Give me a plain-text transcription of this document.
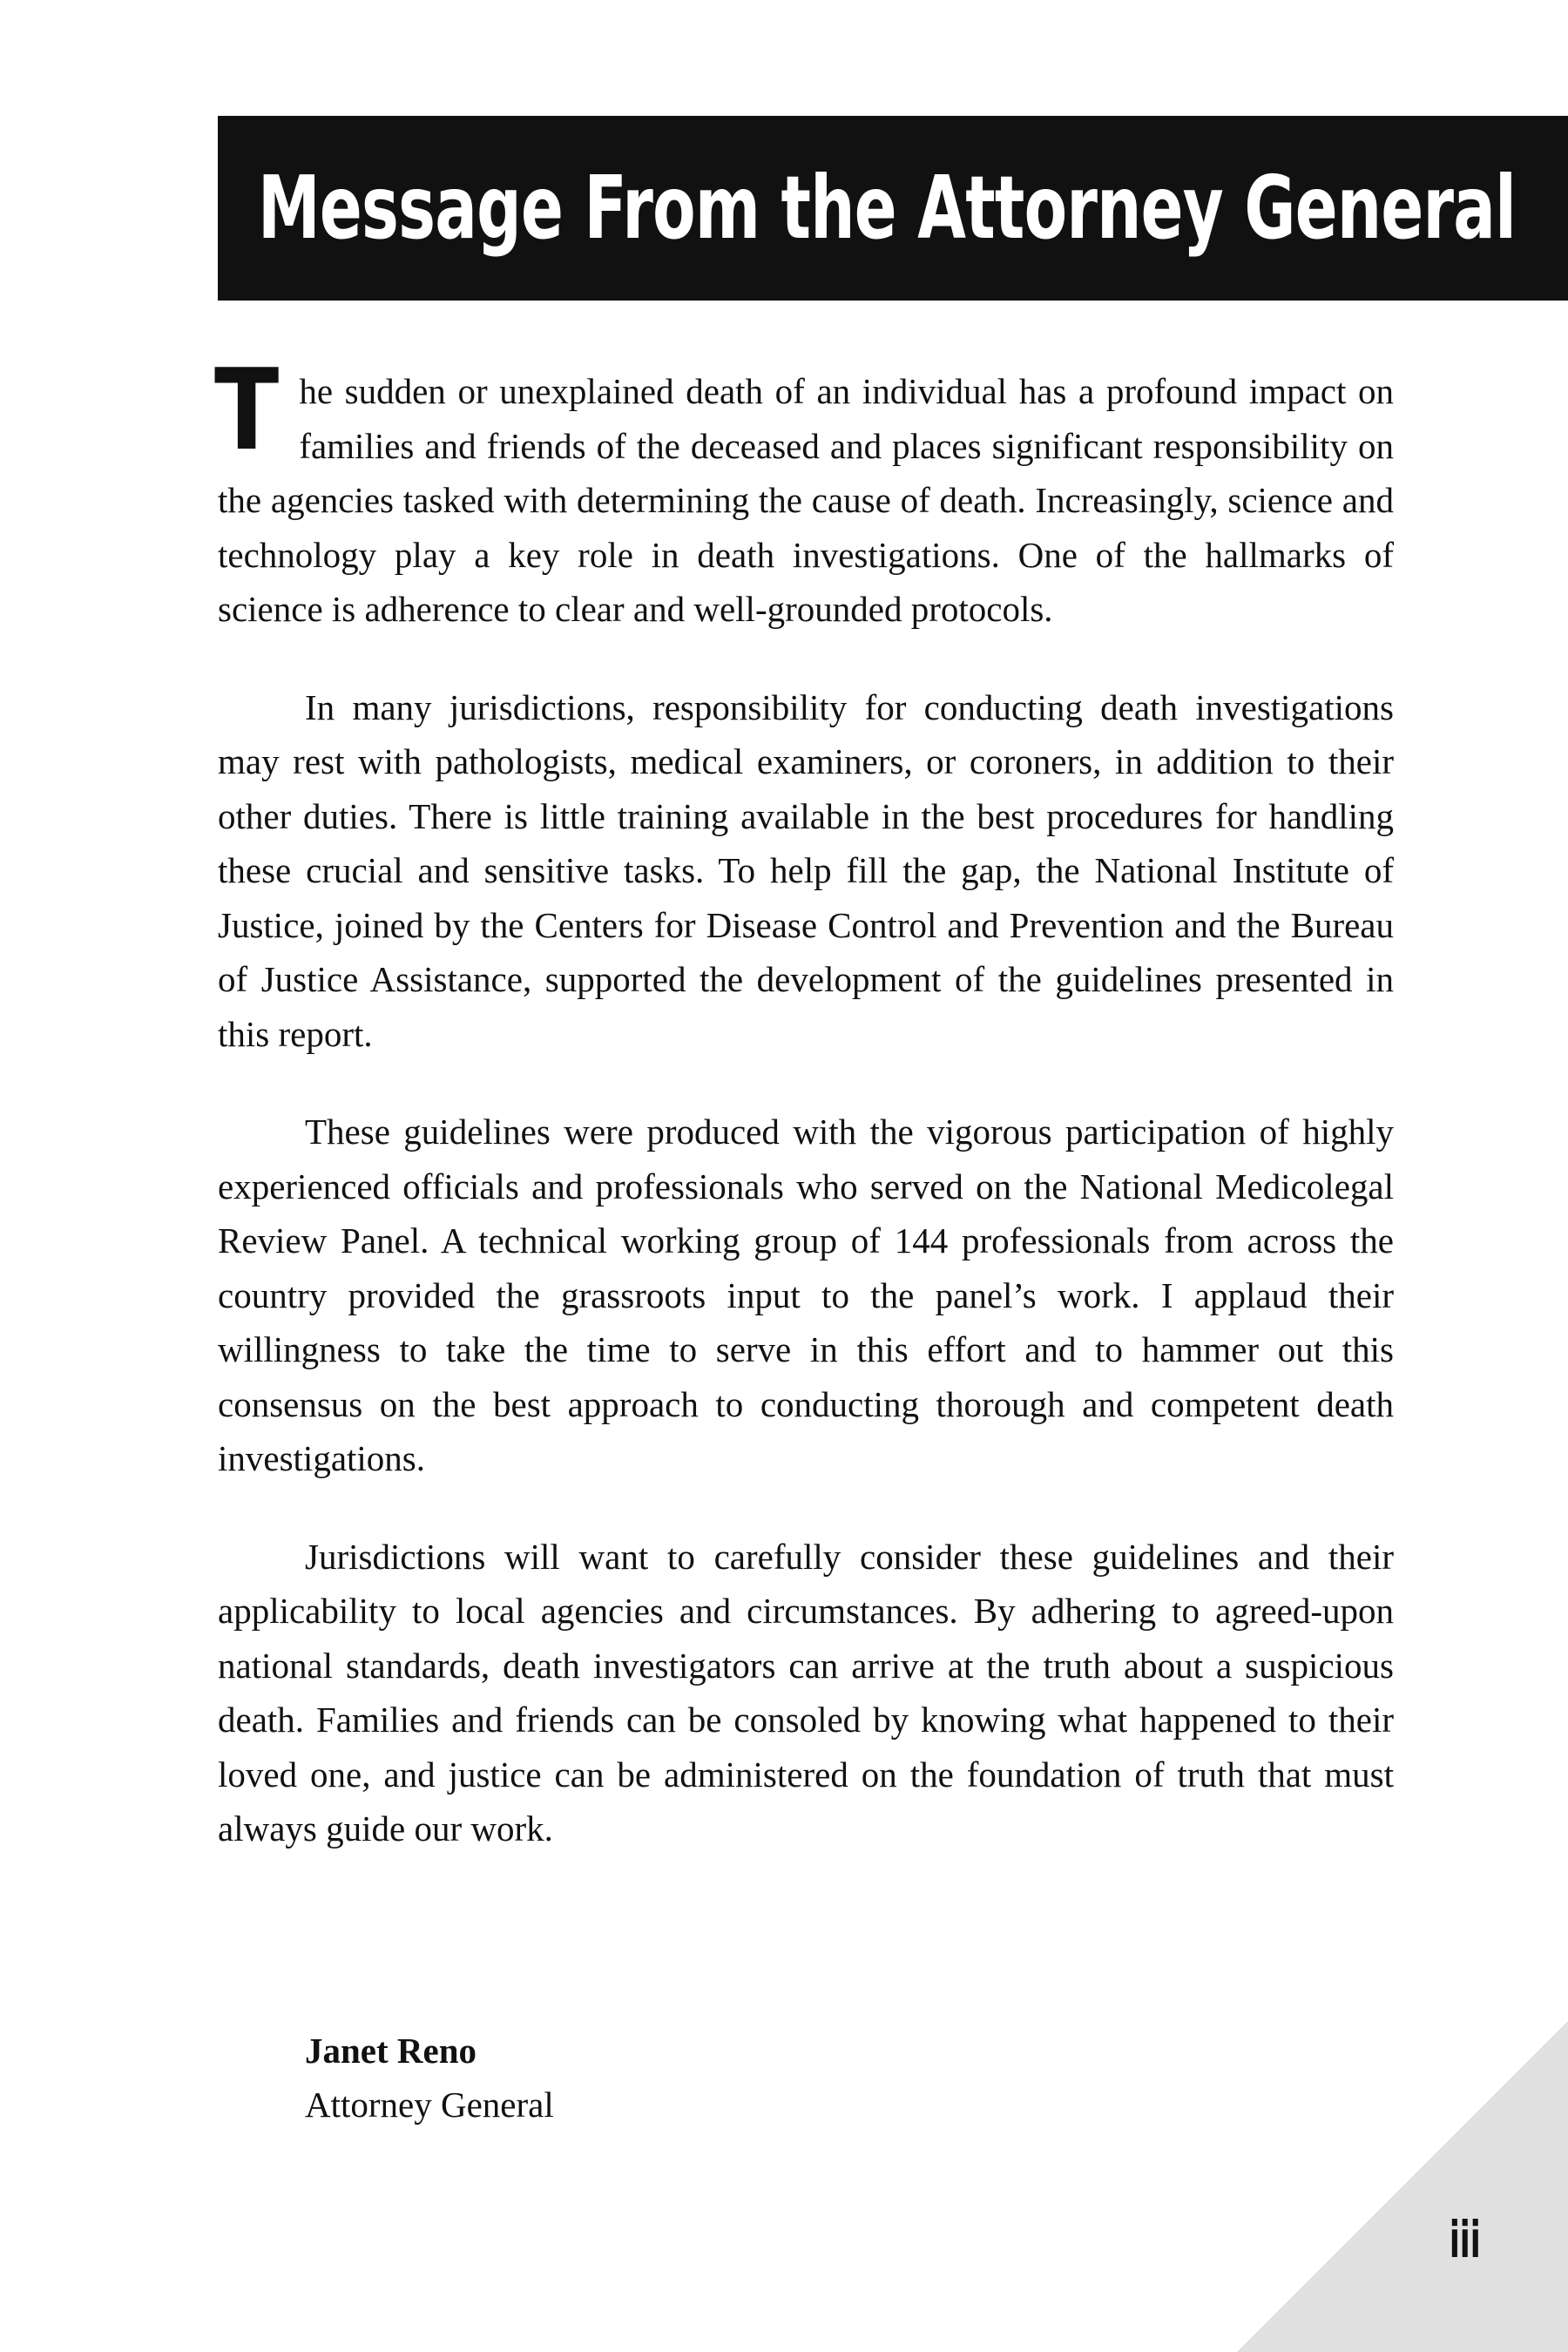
Message From the Attorney General

The sudden or unexplained death of an individual has a profound impact on families and friends of the deceased and places significant responsibility on the agencies tasked with determining the cause of death. Increasingly, science and technology play a key role in death investigations. One of the hallmarks of science is adherence to clear and well-grounded protocols.

In many jurisdictions, responsibility for conducting death investigations may rest with pathologists, medical examiners, or coroners, in addition to their other duties. There is little training available in the best procedures for handling these crucial and sensitive tasks. To help fill the gap, the National Institute of Justice, joined by the Centers for Disease Control and Prevention and the Bureau of Justice Assistance, supported the development of the guidelines presented in this report.

These guidelines were produced with the vigorous participation of highly experienced officials and professionals who served on the National Medicolegal Review Panel. A technical working group of 144 professionals from across the country provided the grassroots input to the panel’s work. I applaud their willingness to take the time to serve in this effort and to hammer out this consensus on the best approach to conducting thorough and competent death investigations.

Jurisdictions will want to carefully consider these guidelines and their applicability to local agencies and circumstances. By adhering to agreed-upon national standards, death investigators can arrive at the truth about a suspicious death. Families and friends can be consoled by knowing what happened to their loved one, and justice can be administered on the foundation of truth that must always guide our work.

Janet Reno
Attorney General
iii
